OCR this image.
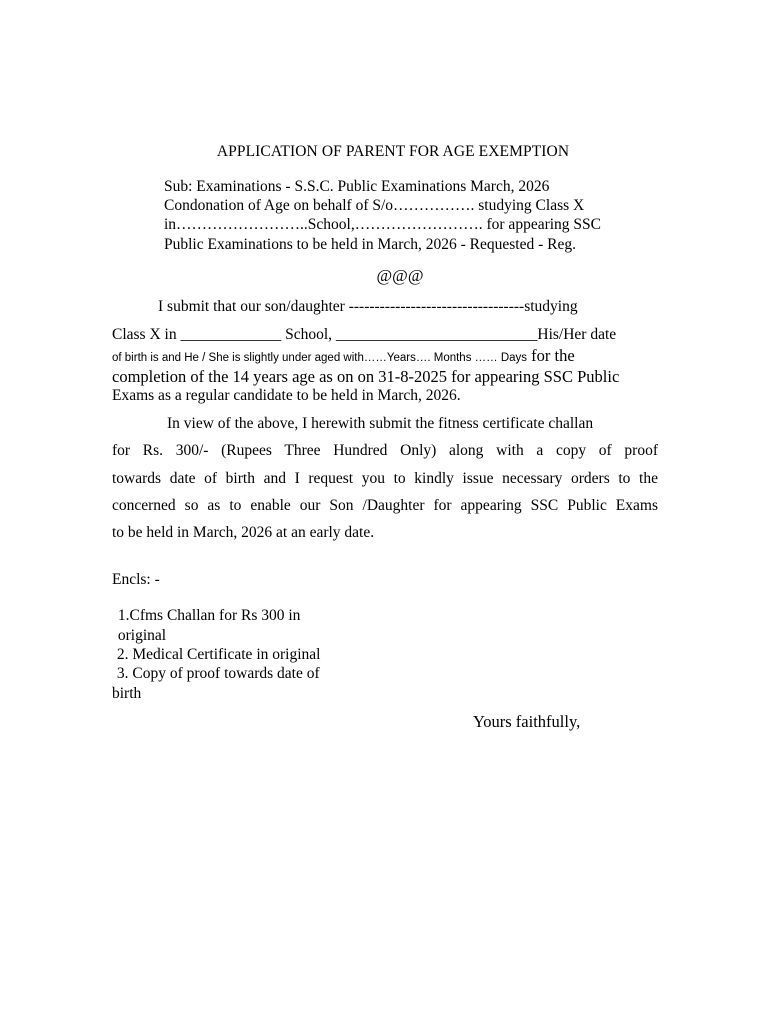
APPLICATION OF PARENT FOR AGE EXEMPTION
Sub: Examinations - S.S.C. Public Examinations March, 2026
Condonation of Age on behalf of S/o……………. studying Class X
in……………………..School,……………………. for appearing SSC
Public Examinations to be held in March, 2026 - Requested - Reg.
@@@
I submit that our son/daughter ----------------------------------studying
Class X in _____________ School, __________________________His/Her date
of birth is and He / She is slightly under aged with……Years…. Months …… Days for the
completion of the 14 years age as on on 31-8-2025 for appearing SSC Public
Exams as a regular candidate to be held in March, 2026.
In view of the above, I herewith submit the fitness certificate challan
for Rs. 300/- (Rupees Three Hundred Only) along with a copy of proof
towards date of birth and I request you to kindly issue necessary orders to the
concerned so as to enable our Son /Daughter for appearing SSC Public Exams
to be held in March, 2026 at an early date.
Encls: -
1.Cfms Challan for Rs 300 in
original
2. Medical Certificate in original
3. Copy of proof towards date of
birth
Yours faithfully,
